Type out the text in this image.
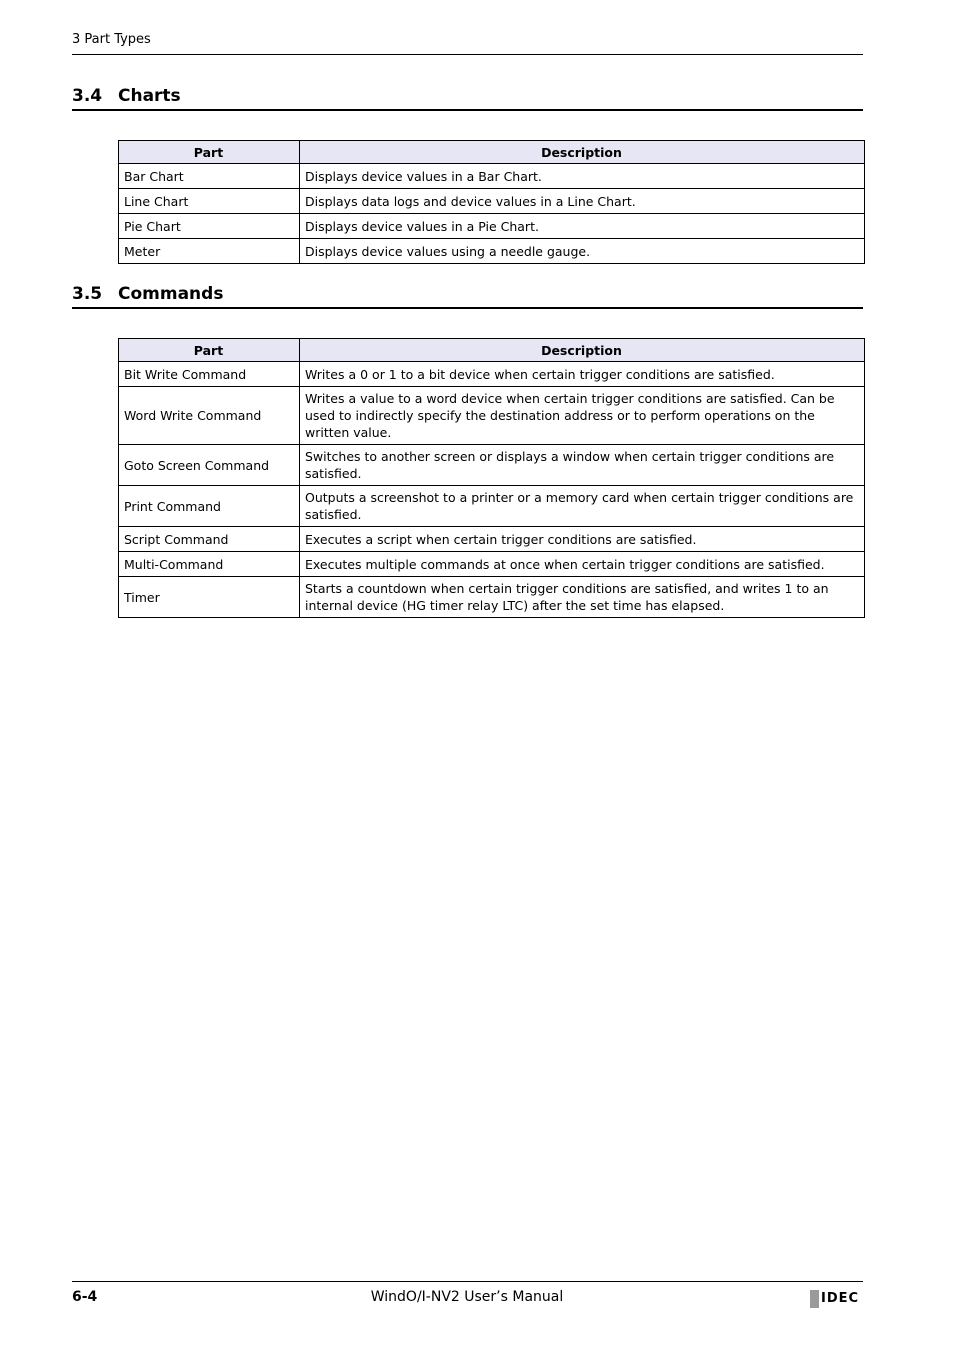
3 Part Types
3.4 Charts
Part	Description
Bar Chart	Displays device values in a Bar Chart.
Line Chart	Displays data logs and device values in a Line Chart.
Pie Chart	Displays device values in a Pie Chart.
Meter	Displays device values using a needle gauge.
3.5 Commands
Part	Description
Bit Write Command	Writes a 0 or 1 to a bit device when certain trigger conditions are satisfied.
Word Write Command	Writes a value to a word device when certain trigger conditions are satisfied. Can be used to indirectly specify the destination address or to perform operations on the written value.
Goto Screen Command	Switches to another screen or displays a window when certain trigger conditions are satisfied.
Print Command	Outputs a screenshot to a printer or a memory card when certain trigger conditions are satisfied.
Script Command	Executes a script when certain trigger conditions are satisfied.
Multi-Command	Executes multiple commands at once when certain trigger conditions are satisfied.
Timer	Starts a countdown when certain trigger conditions are satisfied, and writes 1 to an internal device (HG timer relay LTC) after the set time has elapsed.
6-4	WindO/I-NV2 User’s Manual	IDEC
